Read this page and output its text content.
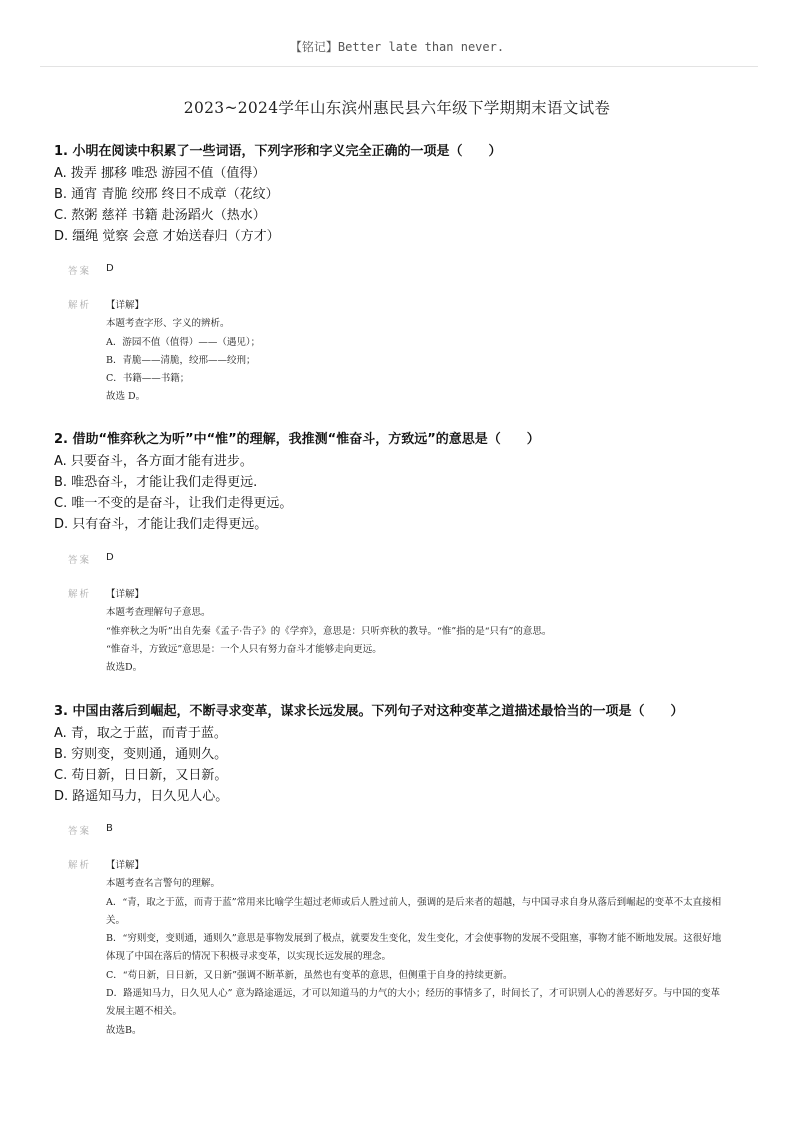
【铭记】Better late than never.
2023~2024学年山东滨州惠民县六年级下学期期末语文试卷
1. 小明在阅读中积累了一些词语，下列字形和字义完全正确的一项是（　　）
A. 拨弄 挪移 唯恐 游园不值（值得）
B. 通宵 青脆 绞邢 终日不成章（花纹）
C. 熬粥 慈祥 书籍 赴汤蹈火（热水）
D. 缰绳 觉察 会意 才始送春归（方才）
答案 D
解析 【详解】
本题考查字形、字义的辨析。
A．游园不值（值得）——（遇见）；
B．青脆——清脆，绞邢——绞刑；
C．书籍——书籍；
故选 D。
2. 借助“惟弈秋之为听”中“惟”的理解，我推测“惟奋斗，方致远”的意思是（　　）
A. 只要奋斗，各方面才能有进步。
B. 唯恐奋斗，才能让我们走得更远.
C. 唯一不变的是奋斗，让我们走得更远。
D. 只有奋斗，才能让我们走得更远。
答案 D
解析 【详解】
本题考查理解句子意思。
“惟弈秋之为听”出自先秦《孟子·告子》的《学弈》，意思是：只听弈秋的教导。“惟”指的是“只有”的意思。
“惟奋斗，方致远”意思是：一个人只有努力奋斗才能够走向更远。
故选D。
3. 中国由落后到崛起，不断寻求变革，谋求长远发展。下列句子对这种变革之道描述最恰当的一项是（　　）
A. 青，取之于蓝，而青于蓝。
B. 穷则变，变则通，通则久。
C. 苟日新，日日新，又日新。
D. 路遥知马力，日久见人心。
答案 B
解析 【详解】
本题考查名言警句的理解。
A．“青，取之于蓝，而青于蓝”常用来比喻学生超过老师或后人胜过前人，强调的是后来者的超越，与中国寻求自身从落后到崛起的变革不太直接相关。
B．“穷则变，变则通，通则久”意思是事物发展到了极点，就要发生变化，发生变化，才会使事物的发展不受阻塞，事物才能不断地发展。这很好地体现了中国在落后的情况下积极寻求变革，以实现长远发展的理念。
C．“苟日新，日日新，又日新”强调不断革新，虽然也有变革的意思，但侧重于自身的持续更新。
D．路遥知马力，日久见人心” 意为路途遥远，才可以知道马的力气的大小；经历的事情多了，时间长了，才可识别人心的善恶好歹。与中国的变革发展主题不相关。
故选B。
